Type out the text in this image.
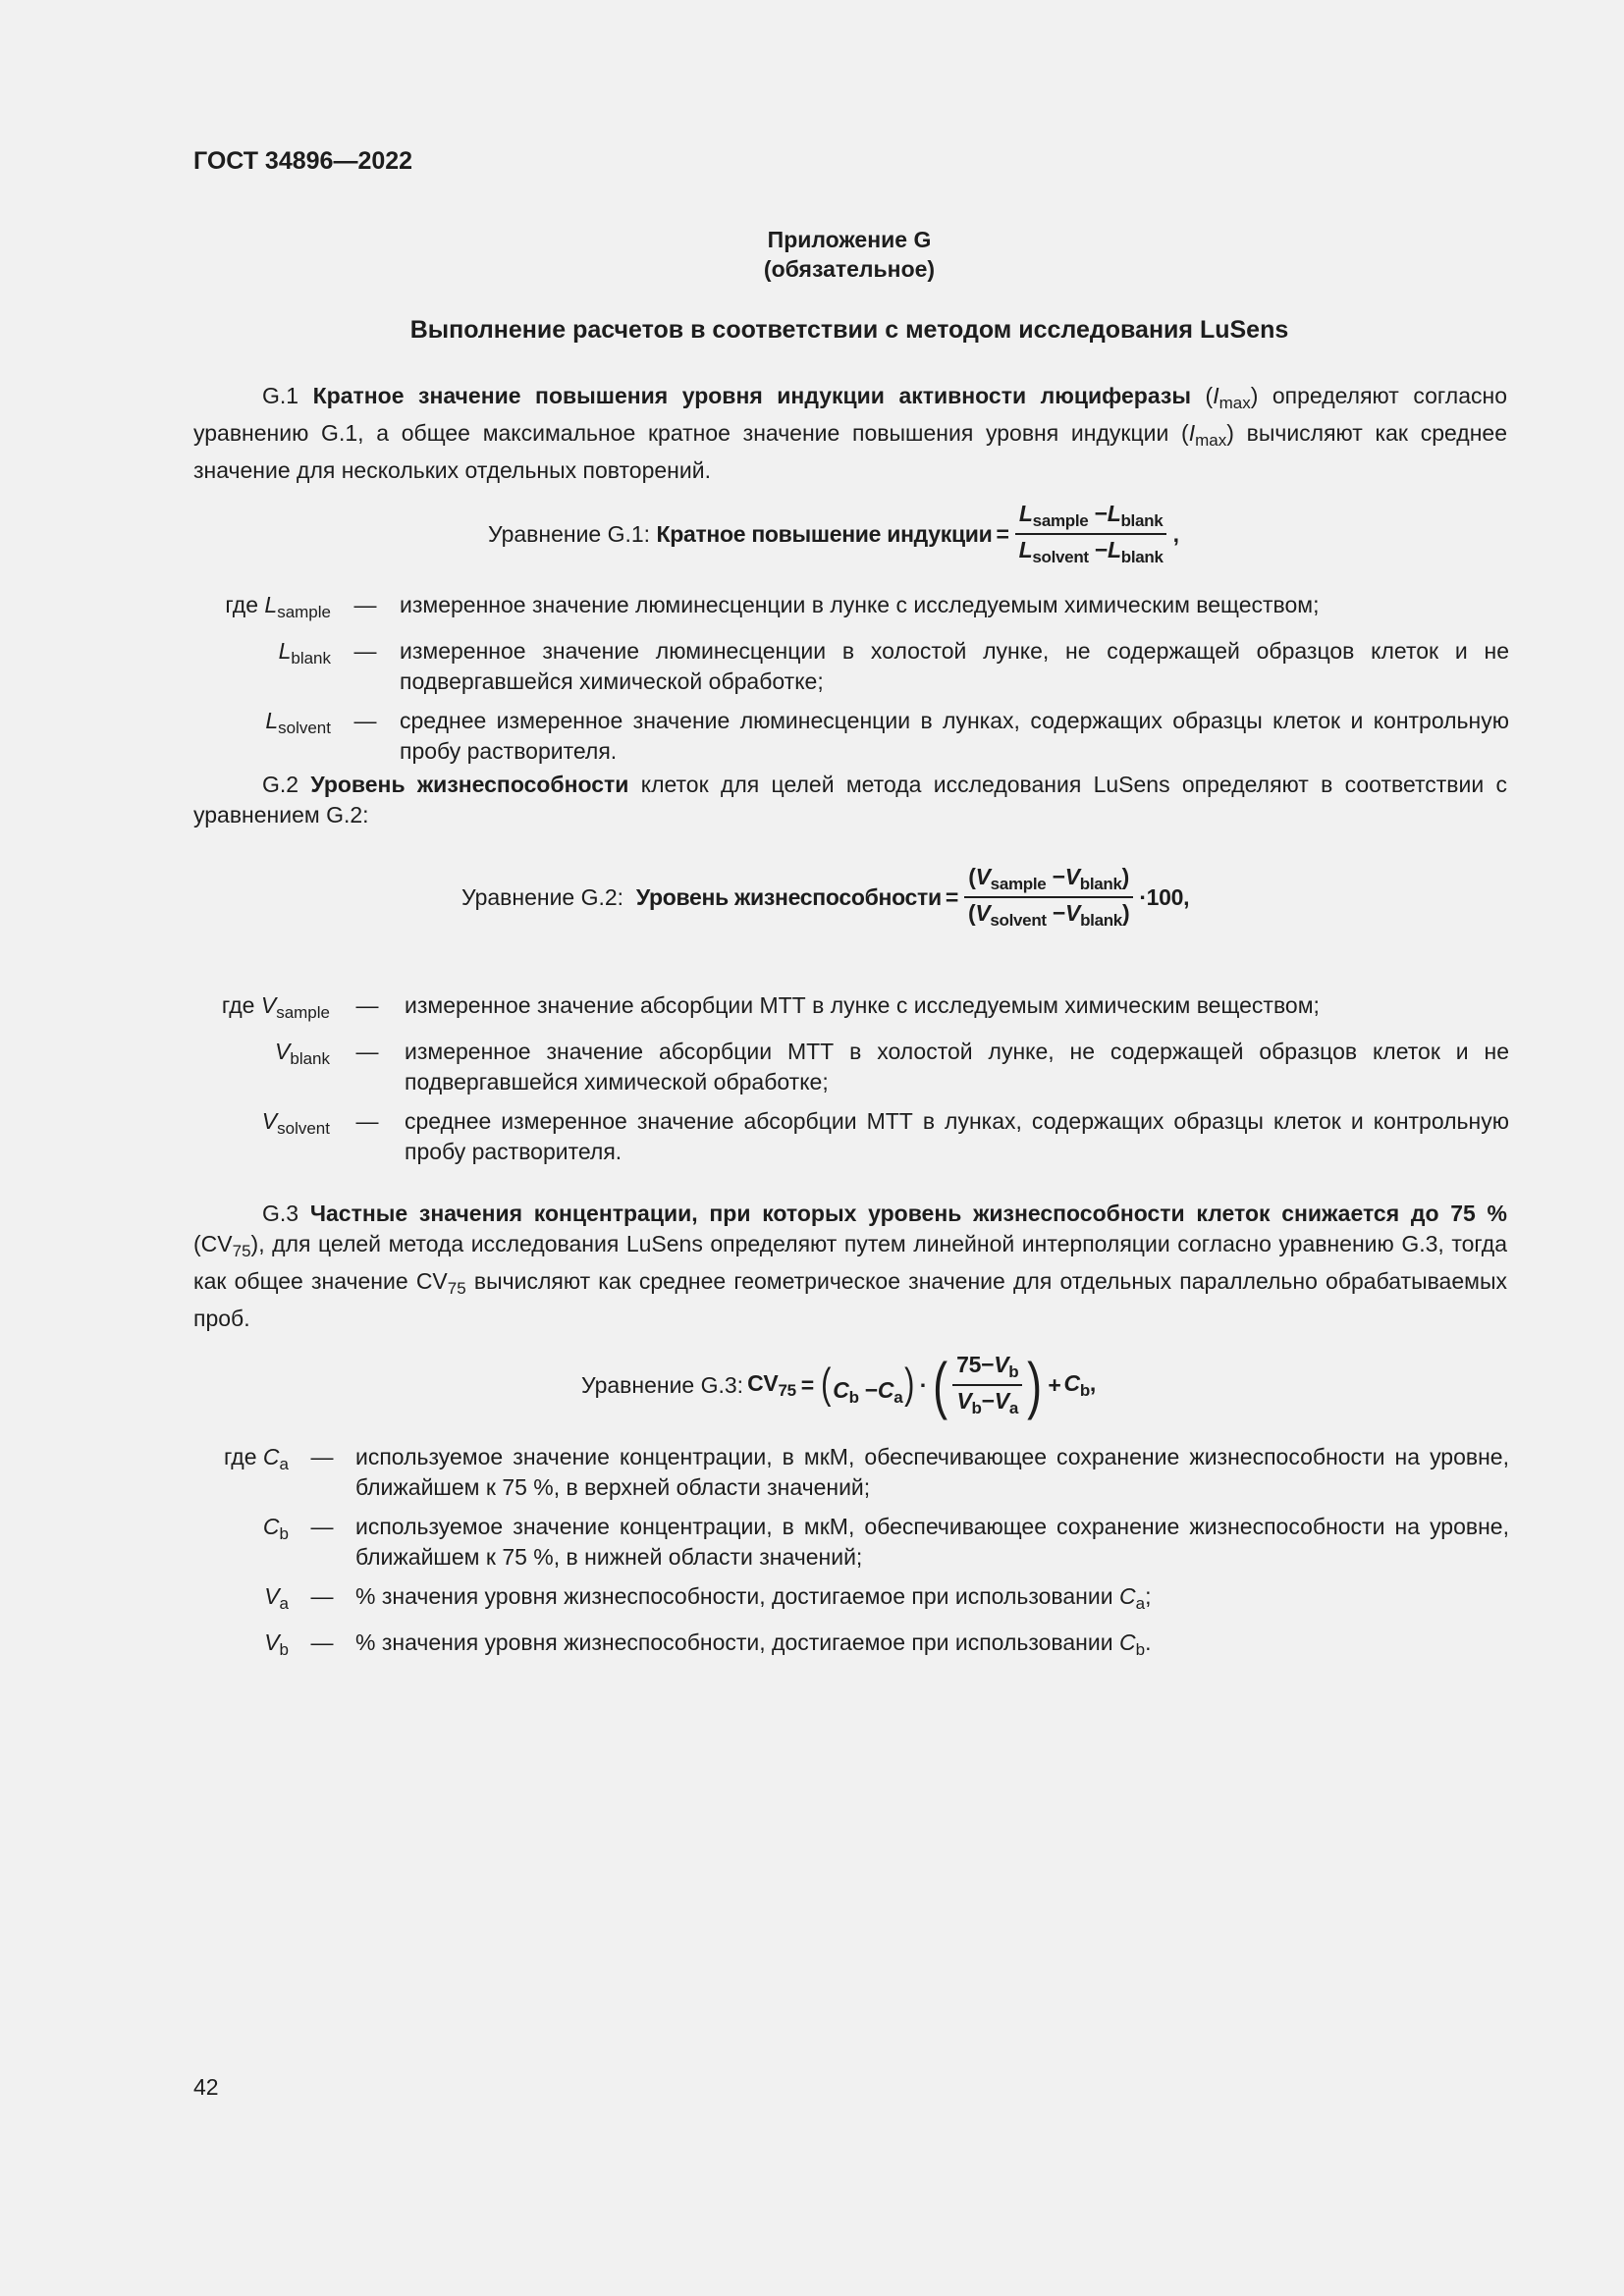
ГОСТ 34896—2022
Приложение G
(обязательное)
Выполнение расчетов в соответствии с методом исследования LuSens
G.1 Кратное значение повышения уровня индукции активности люциферазы $(I_{max})$ определяют согласно уравнению G.1, а общее максимальное кратное значение повышения уровня индукции $(I_{max})$ вычисляют как среднее значение для нескольких отдельных повторений.
Уравнение G.1:
Кратное повышение индукции = $\frac{L_{sample} -L_{blank}}{L_{solvent} -L_{blank}}$ ,
где $L_{sample}$	—	измеренное значение люминесценции в лунке с исследуемым химическим веществом;
$L_{blank}$	—	измеренное значение люминесценции в холостой лунке, не содержащей образцов клеток и не подвергавшейся химической обработке;
$L_{solvent}$	—	среднее измеренное значение люминесценции в лунках, содержащих образцы клеток и контрольную пробу растворителя.
G.2 Уровень жизнеспособности клеток для целей метода исследования LuSens определяют в соответствии с уравнением G.2:
Уравнение G.2:
Уровень жизнеспособности = $\frac{(V_{sample} -V_{blank})}{(V_{solvent} -V_{blank})} \cdot 100$,
где $V_{sample}$	—	измеренное значение абсорбции МТТ в лунке с исследуемым химическим веществом;
$V_{blank}$	—	измеренное значение абсорбции МТТ в холостой лунке, не содержащей образцов клеток и не подвергавшейся химической обработке;
$V_{solvent}$	—	среднее измеренное значение абсорбции МТТ в лунках, содержащих образцы клеток и контрольную пробу растворителя.
G.3 Частные значения концентрации, при которых уровень жизнеспособности клеток снижается до 75 % $(CV_{75})$, для целей метода исследования LuSens определяют путем линейной интерполяции согласно уравнению G.3, тогда как общее значение $CV_{75}$ вычисляют как среднее геометрическое значение для отдельных параллельно обрабатываемых проб.
Уравнение G.3: $CV_{75} = (C_b -C_a)$ · ( $\frac{75-V_b}{V_b-V_a}$ ) + $C_b$,
где $C_a$ — используемое значение концентрации, в мкМ, обеспечивающее сохранение жизнеспособности на уровне, ближайшем к 75 %, в верхней области значений;
$C_b$ — используемое значение концентрации, в мкМ, обеспечивающее сохранение жизнеспособности на уровне, ближайшем к 75 %, в нижней области значений;
$V_a$ — % значения уровня жизнеспособности, достигаемое при использовании $C_a$;
$V_b$ — % значения уровня жизнеспособности, достигаемое при использовании $C_b$.
42
